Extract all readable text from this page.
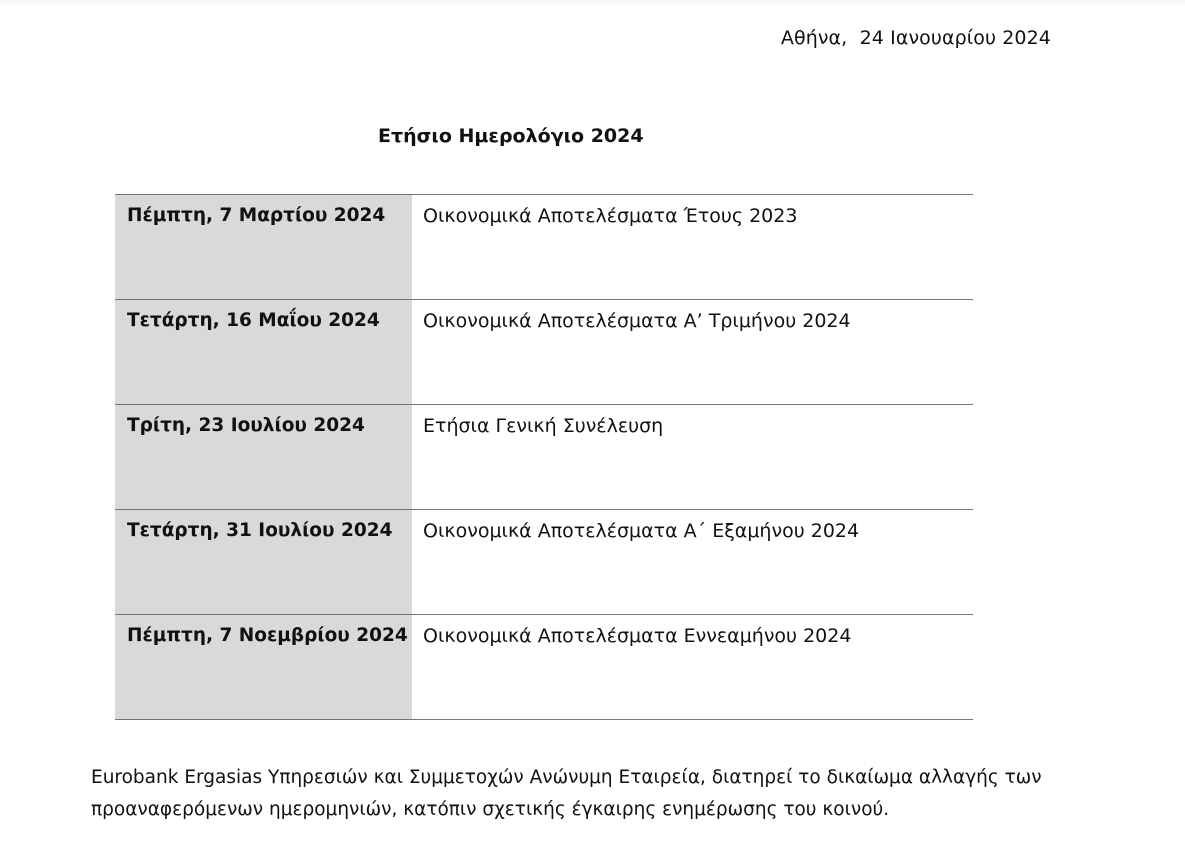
Αθήνα,  24 Ιανουαρίου 2024
Ετήσιο Ημερολόγιο 2024
Πέμπτη, 7 Μαρτίου 2024	Οικονομικά Αποτελέσματα Έτους 2023

Τετάρτη, 16 Μαΐου 2024	Οικονομικά Αποτελέσματα Α’ Τριμήνου 2024

Τρίτη, 23 Ιουλίου 2024	Ετήσια Γενική Συνέλευση

Τετάρτη, 31 Ιουλίου 2024	Οικονομικά Αποτελέσματα Α΄ Εξαμήνου 2024

Πέμπτη, 7 Νοεμβρίου 2024	Οικονομικά Αποτελέσματα Εννεαμήνου 2024
Eurobank Ergasias Υπηρεσιών και Συμμετοχών Ανώνυμη Εταιρεία, διατηρεί το δικαίωμα αλλαγής των
προαναφερόμενων ημερομηνιών, κατόπιν σχετικής έγκαιρης ενημέρωσης του κοινού.
